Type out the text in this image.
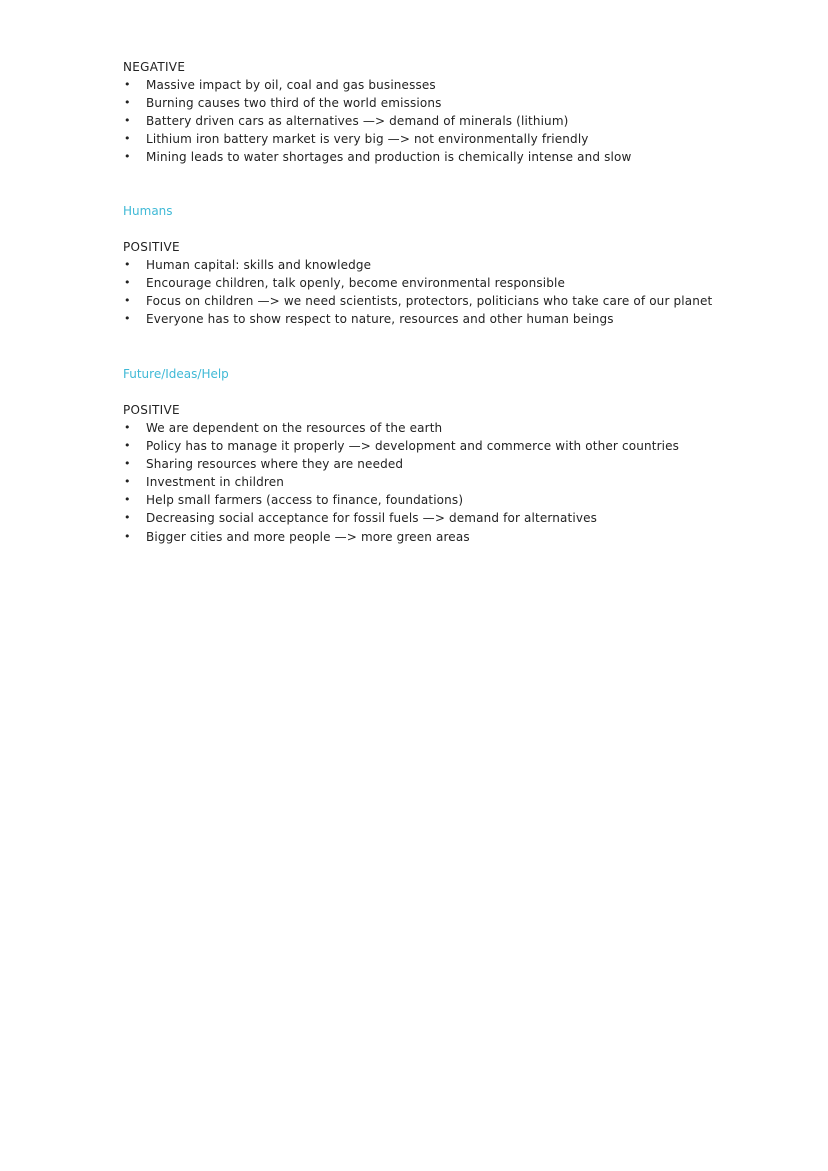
NEGATIVE
• Massive impact by oil, coal and gas businesses
• Burning causes two third of the world emissions
• Battery driven cars as alternatives —> demand of minerals (lithium)
• Lithium iron battery market is very big —> not environmentally friendly
• Mining leads to water shortages and production is chemically intense and slow
Humans
POSITIVE
• Human capital: skills and knowledge
• Encourage children, talk openly, become environmental responsible
• Focus on children —> we need scientists, protectors, politicians who take care of our planet
• Everyone has to show respect to nature, resources and other human beings
Future/Ideas/Help
POSITIVE
• We are dependent on the resources of the earth
• Policy has to manage it properly —> development and commerce with other countries
• Sharing resources where they are needed
• Investment in children
• Help small farmers (access to finance, foundations)
• Decreasing social acceptance for fossil fuels —> demand for alternatives
• Bigger cities and more people —> more green areas
